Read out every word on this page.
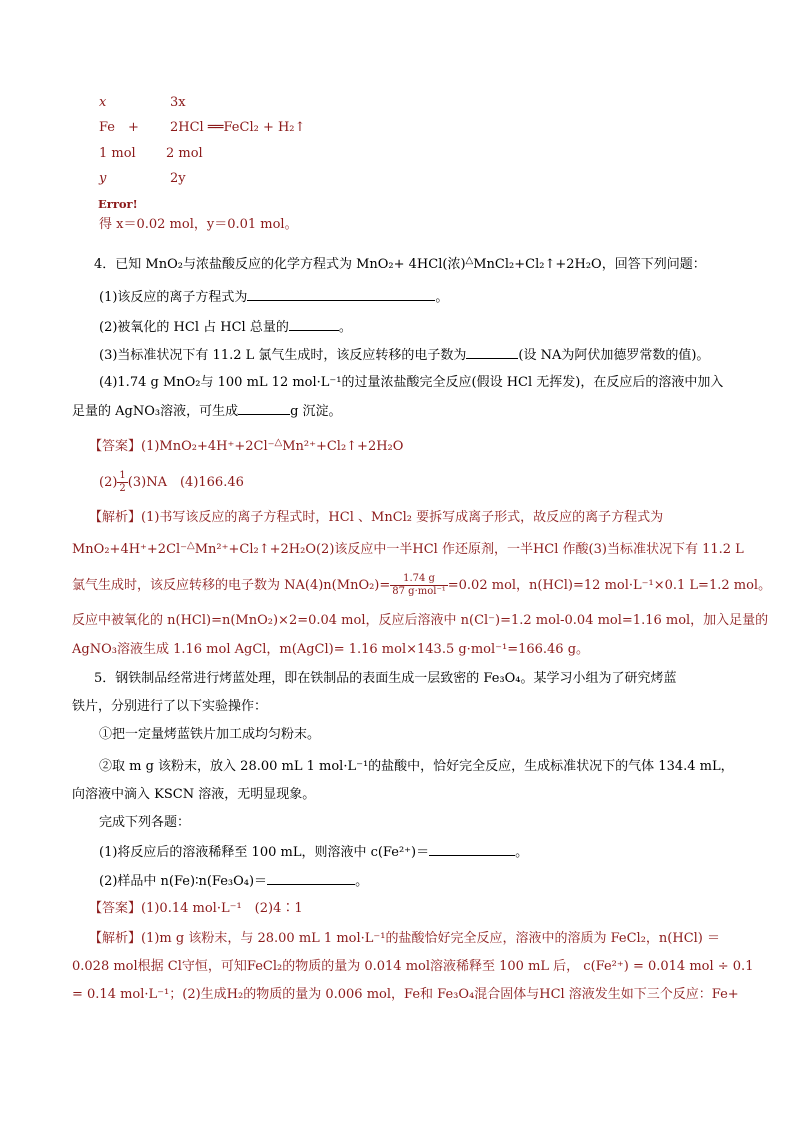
x	3x
Fe + 2HCl ══FeCl₂ + H₂↑
1 mol 2 mol
y	2y
Error!
得 x＝0.02 mol，y＝0.01 mol。
4．已知 MnO₂与浓盐酸反应的化学方程式为 MnO₂+ 4HCl(浓)△MnCl₂+Cl₂↑+2H₂O，回答下列问题：
(1)该反应的离子方程式为	。
(2)被氧化的 HCl 占 HCl 总量的	。
(3)当标准状况下有 11.2 L 氯气生成时，该反应转移的电子数为	(设 NA为阿伏加德罗常数的值)。
(4)1.74 g MnO₂与 100 mL 12 mol·L⁻¹的过量浓盐酸完全反应(假设 HCl 无挥发)，在反应后的溶液中加入
足量的 AgNO₃溶液，可生成	g 沉淀。
【答案】(1)MnO₂+4H⁺+2Cl⁻△Mn²⁺+Cl₂↑+2H₂O
$(2) \frac{1}{2} (3)NA$　(4)166.46
【解析】(1)书写该反应的离子方程式时，HCl 、MnCl₂ 要拆写成离子形式，故反应的离子方程式为
MnO₂+4H⁺+2Cl⁻△Mn²⁺+Cl₂↑+2H₂O(2)该反应中一半HCl 作还原剂，一半HCl 作酸(3)当标准状况下有 11.2 L
氯气生成时，该反应转移的电子数为 $NA(4)n(MnO_2)= \frac{1.74 g}{\text{87 g·mol⁻¹}} =0.02$ mol，n(HCl)=12 mol·L⁻¹×0.1 L=1.2 mol。
反应中被氧化的 n(HCl)=n(MnO₂)×2=0.04 mol，反应后溶液中 n(Cl⁻)=1.2 mol-0.04 mol=1.16 mol，加入足量的
AgNO₃溶液生成 1.16 mol AgCl，m(AgCl)= 1.16 mol×143.5 g·mol⁻¹=166.46 g。
5．钢铁制品经常进行烤蓝处理，即在铁制品的表面生成一层致密的 Fe₃O₄。某学习小组为了研究烤蓝
铁片，分别进行了以下实验操作：
①把一定量烤蓝铁片加工成均匀粉末。
②取 m g 该粉末，放入 28.00 mL 1 mol·L⁻¹的盐酸中，恰好完全反应，生成标准状况下的气体 134.4 mL，
向溶液中滴入 KSCN 溶液，无明显现象。
完成下列各题：
(1)将反应后的溶液稀释至 100 mL，则溶液中 c(Fe²⁺)＝	。
(2)样品中 n(Fe)∶n(Fe₃O₄)＝	。
【答案】(1)0.14 mol·L⁻¹　(2)4∶1
【解析】(1)m g 该粉末，与 28.00 mL 1 mol·L⁻¹的盐酸恰好完全反应，溶液中的溶质为 FeCl₂，n(HCl) ＝
0.028 mol根据 Cl守恒，可知FeCl₂的物质的量为 0.014 mol溶液稀释至 100 mL 后， c(Fe²⁺) = 0.014 mol ÷ 0.1
= 0.14 mol·L⁻¹；(2)生成H₂的物质的量为 0.006 mol，Fe和 Fe₃O₄混合固体与HCl 溶液发生如下三个反应：Fe+
